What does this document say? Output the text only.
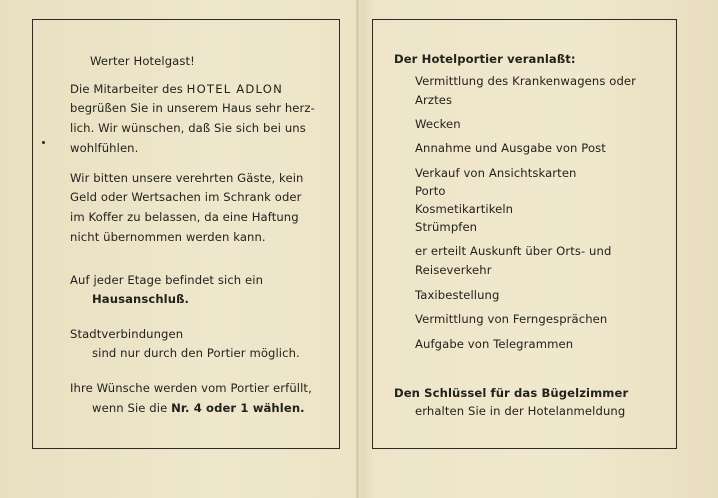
Werter Hotelgast!
Die Mitarbeiter des HOTEL ADLON
begrüßen Sie in unserem Haus sehr herz-
lich. Wir wünschen, daß Sie sich bei uns
wohlfühlen.
Wir bitten unsere verehrten Gäste, kein
Geld oder Wertsachen im Schrank oder
im Koffer zu belassen, da eine Haftung
nicht übernommen werden kann.
Auf jeder Etage befindet sich ein
Hausanschluß.
Stadtverbindungen
sind nur durch den Portier möglich.
Ihre Wünsche werden vom Portier erfüllt,
wenn Sie die Nr. 4 oder 1 wählen.
Der Hotelportier veranlaßt:
Vermittlung des Krankenwagens oder
Arztes
Wecken
Annahme und Ausgabe von Post
Verkauf von Ansichtskarten
Porto
Kosmetikartikeln
Strümpfen
er erteilt Auskunft über Orts- und
Reiseverkehr
Taxibestellung
Vermittlung von Ferngesprächen
Aufgabe von Telegrammen
Den Schlüssel für das Bügelzimmer
erhalten Sie in der Hotelanmeldung
